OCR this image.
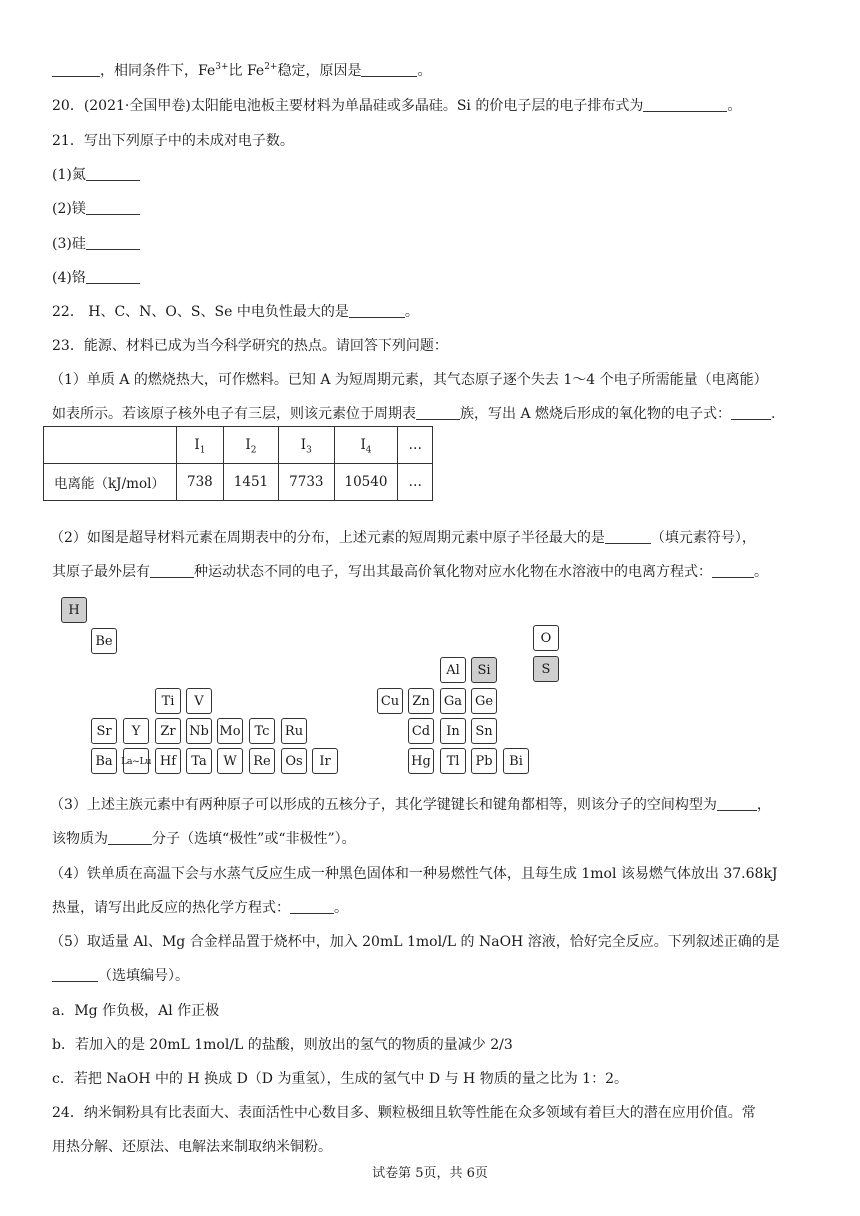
，相同条件下，$Fe^{3+}$比 $Fe^{2+}$稳定，原因是	。
20．(2021·全国甲卷)太阳能电池板主要材料为单晶硅或多晶硅。Si 的价电子层的电子排布式为	。
21．写出下列原子中的未成对电子数。
(1)氮
(2)镁
(3)硅
(4)铬
22． H、C、N、O、S、Se 中电负性最大的是	。
23．能源、材料已成为当今科学研究的热点。请回答下列问题：
（1）单质 A 的燃烧热大，可作燃料。已知 A 为短周期元素，其气态原子逐个失去 1～4 个电子所需能量（电离能）
如表所示。若该原子核外电子有三层，则该元素位于周期表	族，写出 A 燃烧后形成的氧化物的电子式：	.
	$I_1$	$I_2$	$I_3$	$I_4$	…
电离能（kJ/mol）	738	1451	7733	10540	…
（2）如图是超导材料元素在周期表中的分布，上述元素的短周期元素中原子半径最大的是	（填元素符号），
其原子最外层有	种运动状态不同的电子，写出其最高价氧化物对应水化物在水溶液中的电离方程式：	。
H
Be	O
S
Al	Si
Ti	V	Cu	Zn	Ga Ge
Sr	Y	Zr	Nb Mo	Tc	Ru	Cd	In	Sn
Ba La~Lu Hf	Ta	W	Re	Os	Ir	Hg	Tl	Pb	Bi
（3）上述主族元素中有两种原子可以形成的五核分子，其化学键键长和键角都相等，则该分子的空间构型为	，
该物质为	分子（选填“极性”或“非极性”）。
（4）铁单质在高温下会与水蒸气反应生成一种黑色固体和一种易燃性气体，且每生成 1mol 该易燃气体放出 37.68kJ
热量，请写出此反应的热化学方程式：	。
（5）取适量 Al、Mg 合金样品置于烧杯中，加入 20mL 1mol/L 的 NaOH 溶液，恰好完全反应。下列叙述正确的是
（选填编号）。
a．Mg 作负极，Al 作正极
b．若加入的是 20mL 1mol/L 的盐酸，则放出的氢气的物质的量减少 2/3
c．若把 NaOH 中的 H 换成 D（D 为重氢），生成的氢气中 D 与 H 物质的量之比为 1：2。
24．纳米铜粉具有比表面大、表面活性中心数目多、颗粒极细且软等性能在众多领域有着巨大的潜在应用价值。常
用热分解、还原法、电解法来制取纳米铜粉。
试卷第 5页，共 6页
